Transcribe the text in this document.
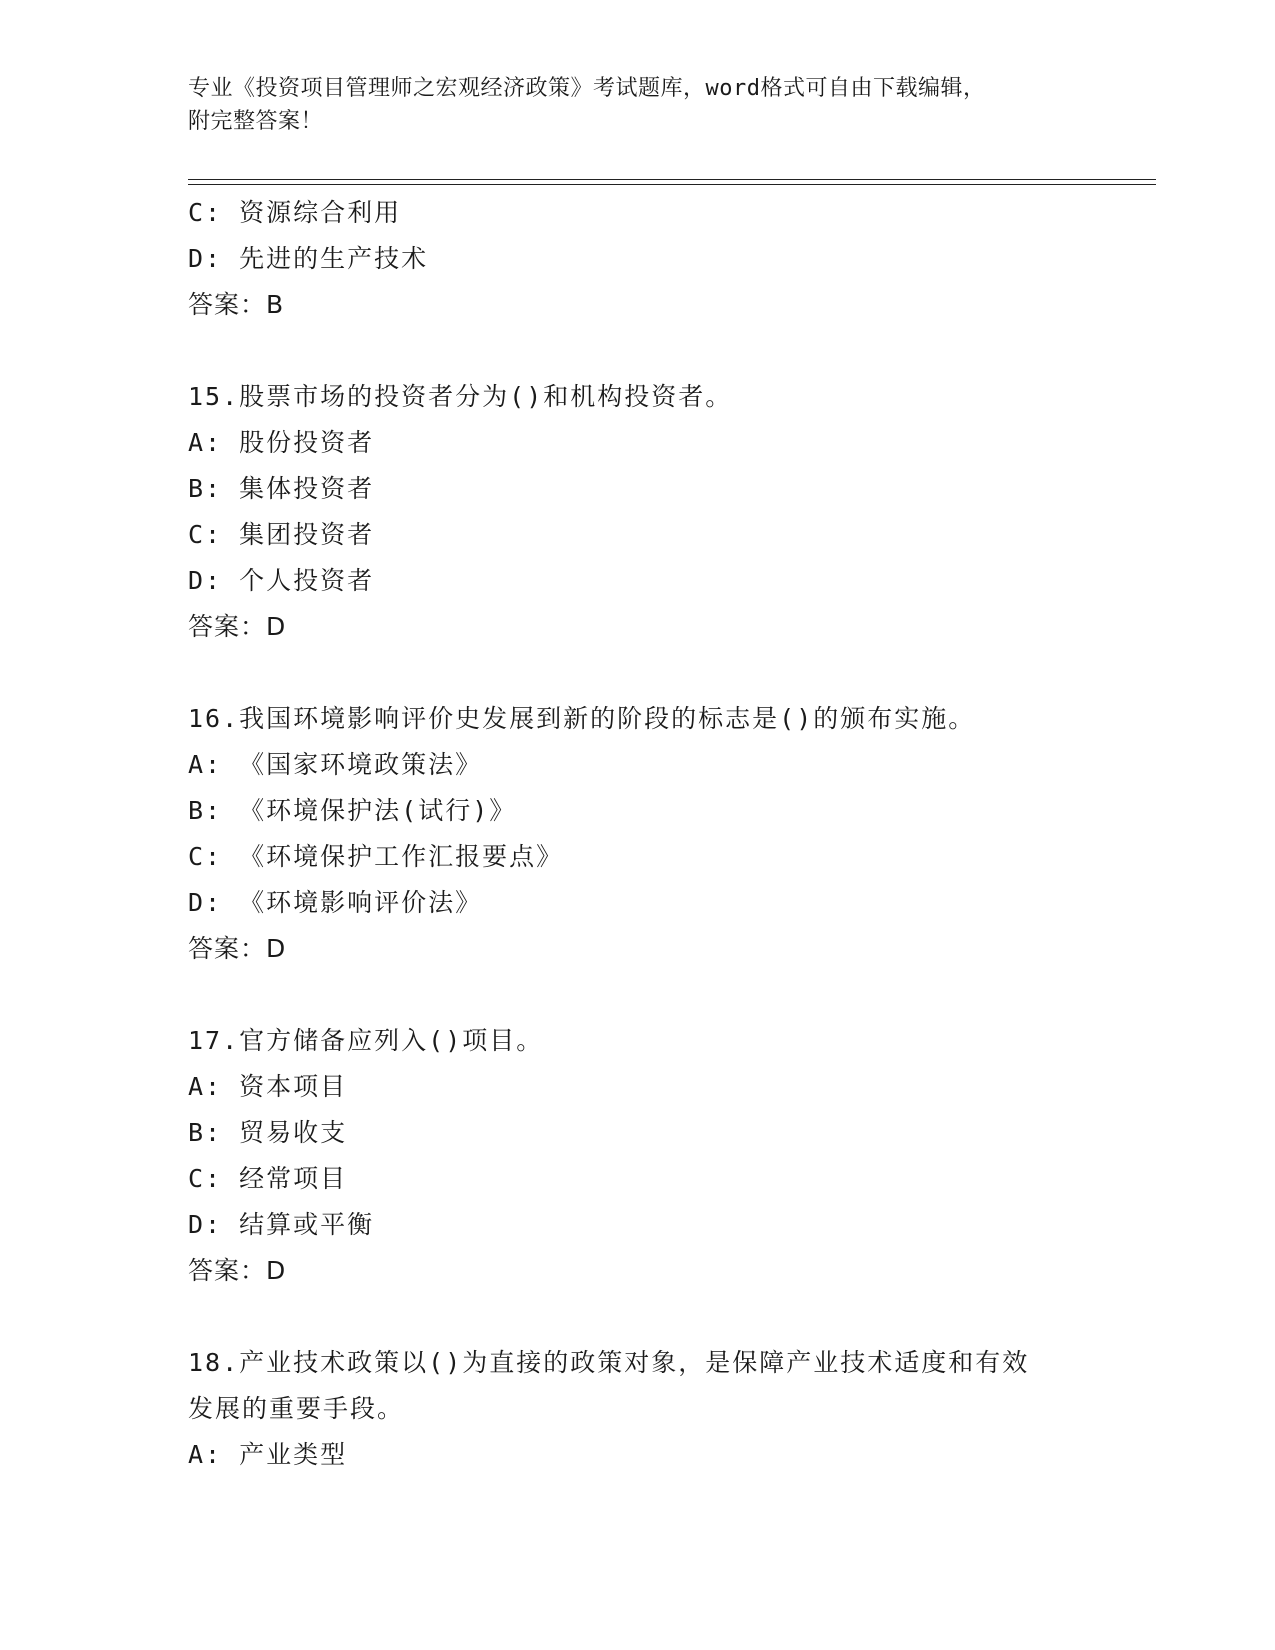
专业《投资项目管理师之宏观经济政策》考试题库，word格式可自由下载编辑，
附完整答案！
C: 资源综合利用
D: 先进的生产技术
答案：B
15.股票市场的投资者分为()和机构投资者。
A: 股份投资者
B: 集体投资者
C: 集团投资者
D: 个人投资者
答案：D
16.我国环境影响评价史发展到新的阶段的标志是()的颁布实施。
A: 《国家环境政策法》
B: 《环境保护法(试行)》
C: 《环境保护工作汇报要点》
D: 《环境影响评价法》
答案：D
17.官方储备应列入()项目。
A: 资本项目
B: 贸易收支
C: 经常项目
D: 结算或平衡
答案：D
18.产业技术政策以()为直接的政策对象，是保障产业技术适度和有效
发展的重要手段。
A: 产业类型
